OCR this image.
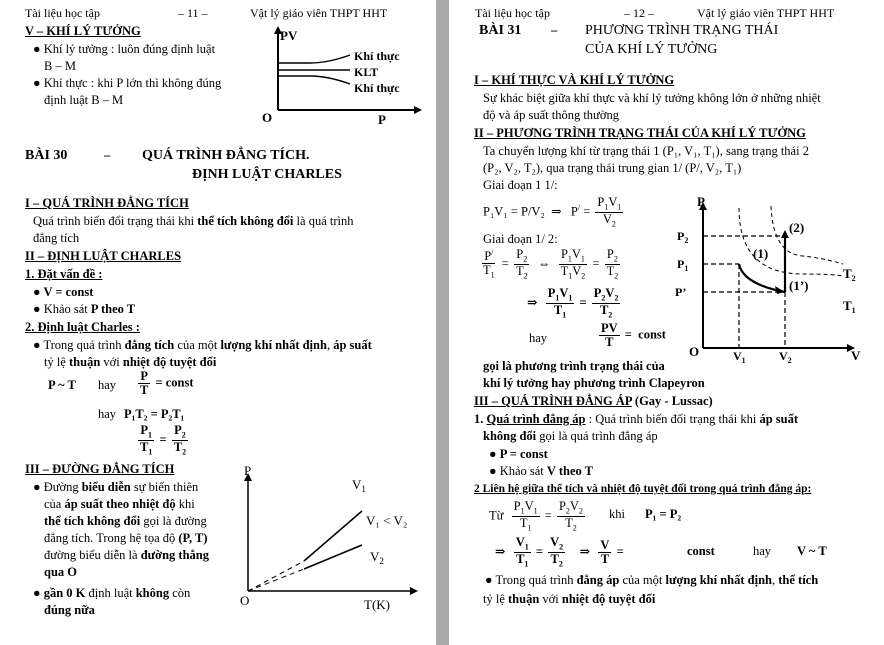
Tài liệu học tập	– 11 –	Vật lý giáo viên THPT HHT
V – KHÍ LÝ TƯỞNG
● Khí lý tưởng : luôn đúng định luật
B – M
● Khí thực : khi P lớn thì không đúng
định luật B – M
PV
P
O
Khí thực
KLT
Khí thực
BÀI 30	– QUÁ TRÌNH ĐẲNG TÍCH.
ĐỊNH LUẬT CHARLES
I – QUÁ TRÌNH ĐẲNG TÍCH
Quá trình biến đổi trạng thái khi thể tích không đổi là quá trình
đẳng tích
II – ĐỊNH LUẬT CHARLES
1. Đặt vấn đề :
● V = const
● Khảo sát P theo T
2. Định luật Charles :
● Trong quá trình đẳng tích của một lượng khí nhất định, áp suất
tỷ lệ thuận với nhiệt độ tuyệt đối
P ~ T hay $\frac{P}{T}$ = const
hay P₁T₂ = P₂T₁
$\frac{P_1}{T_1} = \frac{P_2}{T_2}$
III – ĐƯỜNG ĐẲNG TÍCH
● Đường biểu diễn sự biến thiên
của áp suất theo nhiệt độ khi
thể tích không đổi gọi là đường
đẳng tích. Trong hệ tọa độ (P, T)
đường biểu diễn là đường thẳng
qua O
● gần 0 K định luật không còn
đúng nữa
P
T(K)
O
$V_1$
V₁ < V₂
$V_2$
Tài liệu học tập	– 12 –	Vật lý giáo viên THPT HHT
BÀI 31 – PHƯƠNG TRÌNH TRẠNG THÁI
CỦA KHÍ LÝ TƯỞNG
I – KHÍ THỰC VÀ KHÍ LÝ TƯỞNG
Sự khác biệt giữa khí thực và khí lý tưởng không lớn ở những nhiệt
độ và áp suất thông thường
II – PHƯƠNG TRÌNH TRẠNG THÁI CỦA KHÍ LÝ TƯỞNG
Ta chuyển lượng khí từ trạng thái 1 (P₁, V₁, T₁), sang trạng thái 2
(P₂, V₂, T₂), qua trạng thái trung gian 1/ (P/, V₂, T₁)
Giai đoạn 1 1/:
P₁V₁ = P/V₂  ⇒   $P^/ = \frac{P_1V_1}{V_2}$
Giai đoạn 1/ 2:
$\frac{P^/}{T_1} = \frac{P_2}{T_2}$ ⇔ $\frac{P_1V_1}{T_1V_2} = \frac{P_2}{T_2}$
⇒ $\frac{P_1V_1}{T_1} = \frac{P_2V_2}{T_2}$
hay	$\frac{PV}{T}$ =  const
gọi là phương trình trạng thái của
khí lý tưởng hay phương trình Clapeyron
P
V
O
$P_2$
$P_1$
P’
$V_1$	$V_2$
(2)
(1)
(1’)
$T_2$
$T_1$
III – QUÁ TRÌNH ĐẲNG ÁP (Gay - Lussac)
1. Quá trình đẳng áp : Quá trình biến đổi trạng thái khi áp suất
không đổi gọi là quá trình đẳng áp
● P = const
● Khảo sát V theo T
2 Liên hệ giữa thể tích và nhiệt độ tuyệt đối trong quá trình đẳng áp:
Từ $\frac{P_1V_1}{T_1} = \frac{P_2V_2}{T_2}$ khi P₁ = P₂
⇒ $\frac{V_1}{T_1} = \frac{V_2}{T_2}$ ⇒ $\frac{V}{T}$ =	const	hay V ~ T
● Trong quá trình đẳng áp của một lượng khí nhất định, thể tích
tỷ lệ thuận với nhiệt độ tuyệt đối
